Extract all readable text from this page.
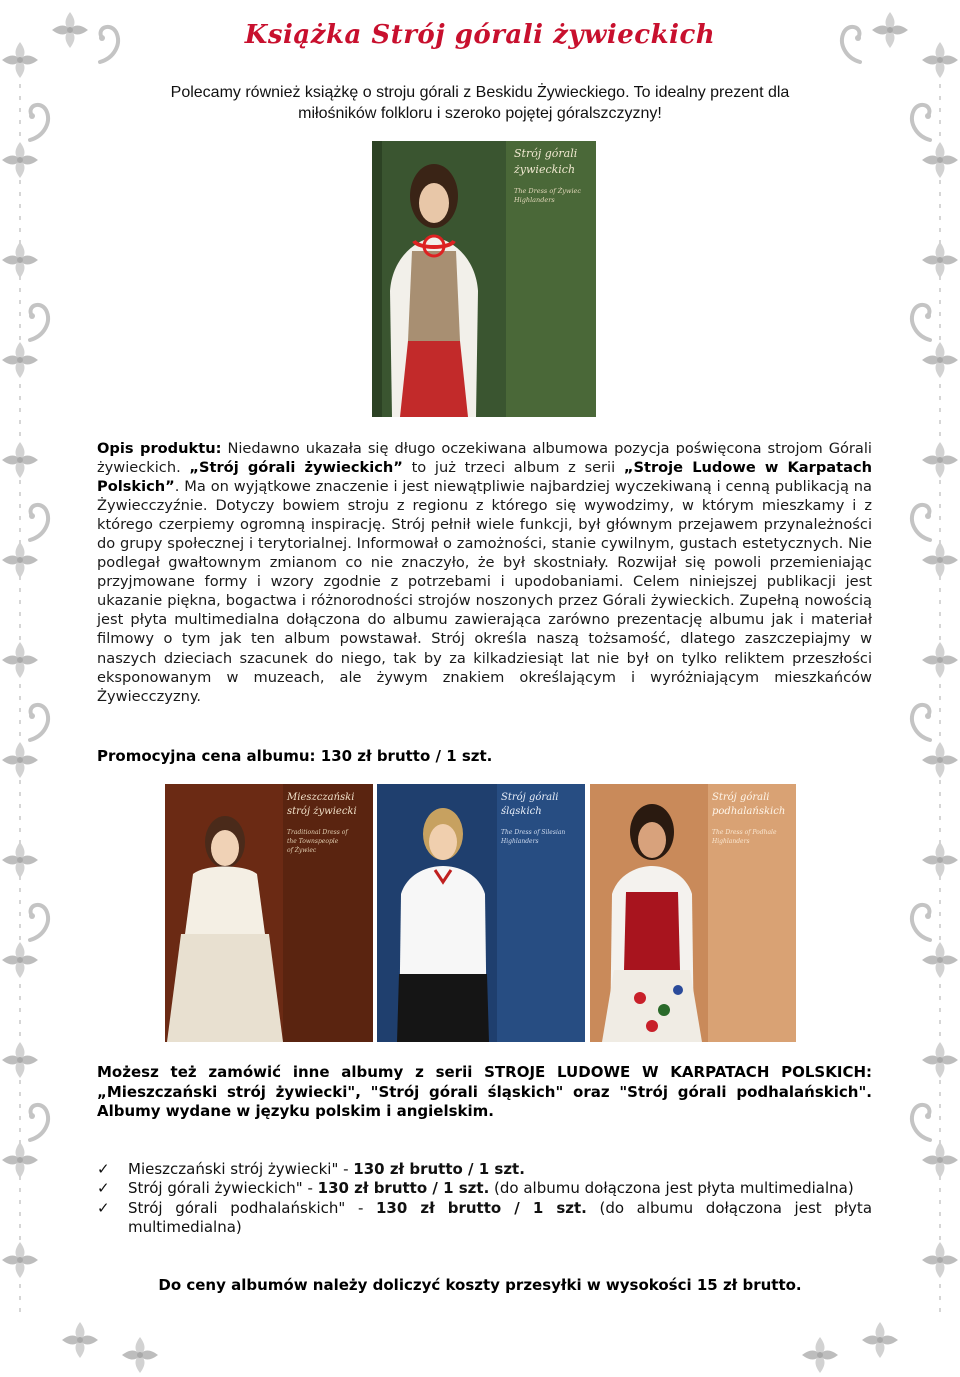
Książka Strój górali żywieckich
Polecamy również książkę o stroju górali z Beskidu Żywieckiego. To idealny prezent dla
miłośników folkloru i szeroko pojętej góralszczyzny!
Strój górali
żywieckich
The Dress of Żywiec
Highlanders
Opis produktu: Niedawno ukazała się długo oczekiwana albumowa pozycja poświęcona strojom Górali żywieckich. „Strój górali żywieckich” to już trzeci album z serii „Stroje Ludowe w Karpatach Polskich”. Ma on wyjątkowe znaczenie i jest niewątpliwie najbardziej wyczekiwaną i cenną publikacją na Żywiecczyźnie. Dotyczy bowiem stroju z regionu z którego się wywodzimy, w którym mieszkamy i z którego czerpiemy ogromną inspirację. Strój pełnił wiele funkcji, był głównym przejawem przynależności do grupy społecznej i terytorialnej. Informował o zamożności, stanie cywilnym, gustach estetycznych. Nie podlegał gwałtownym zmianom co nie znaczyło, że był skostniały. Rozwijał się powoli przemieniając przyjmowane formy i wzory zgodnie z potrzebami i upodobaniami. Celem niniejszej publikacji jest ukazanie piękna, bogactwa i różnorodności strojów noszonych przez Górali żywieckich. Zupełną nowością jest płyta multimedialna dołączona do albumu zawierająca zarówno prezentację albumu jak i materiał filmowy o tym jak ten album powstawał. Strój określa naszą tożsamość, dlatego zaszczepiajmy w naszych dzieciach szacunek do niego, tak by za kilkadziesiąt lat nie był on tylko reliktem przeszłości eksponowanym w muzeach, ale żywym znakiem określającym i wyróżniającym mieszkańców Żywiecczyzny.
Promocyjna cena albumu: 130 zł brutto / 1 szt.
Mieszczański
strój żywiecki
Traditional Dress of
the Townspeople
of Żywiec
Strój górali
śląskich
The Dress of Silesian
Highlanders
Strój górali
podhalańskich
The Dress of Podhale
Highlanders
Możesz też zamówić inne albumy z serii STROJE LUDOWE W KARPATACH POLSKICH: „Mieszczański strój żywiecki", "Strój górali śląskich" oraz "Strój górali podhalańskich". Albumy wydane w języku polskim i angielskim.
✓ Mieszczański strój żywiecki" - 130 zł brutto / 1 szt.
✓ Strój górali żywieckich" - 130 zł brutto / 1 szt. (do albumu dołączona jest płyta multimedialna)
✓ Strój górali podhalańskich" - 130 zł brutto / 1 szt. (do albumu dołączona jest płyta multimedialna)
Do ceny albumów należy doliczyć koszty przesyłki w wysokości 15 zł brutto.
